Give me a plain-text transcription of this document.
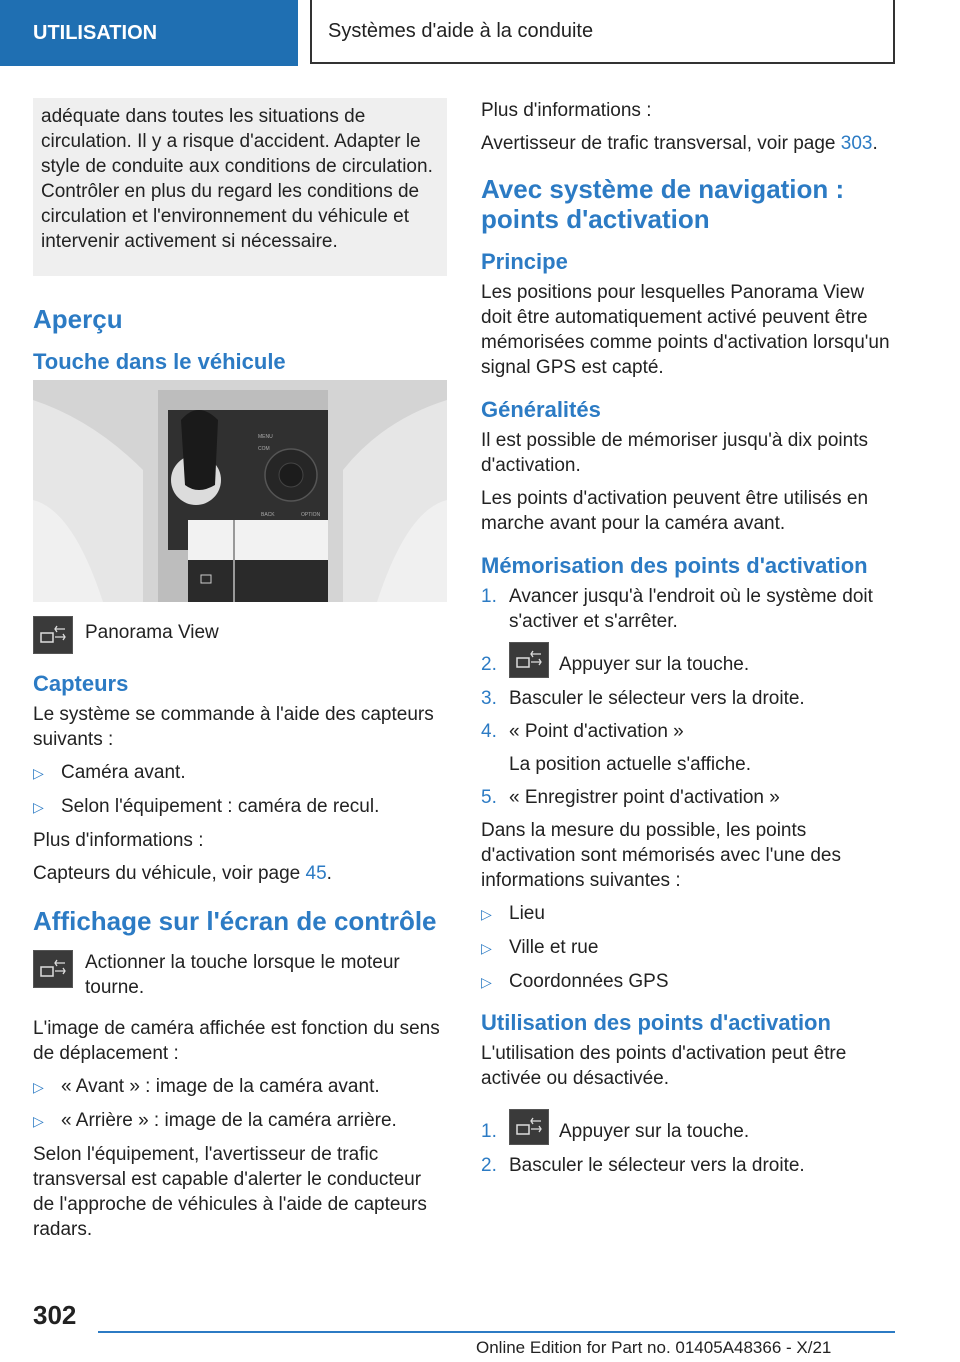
UTILISATION	Systèmes d'aide à la conduite
adéquate dans toutes les situations de circulation. Il y a risque d'accident. Adapter le style de conduite aux conditions de circulation. Contrôler en plus du regard les conditions de circulation et l'environnement du véhicule et intervenir activement si nécessaire.
Aperçu
Touche dans le véhicule
MENU
COM
BACK	OPTION

Panorama View

Capteurs

Le système se commande à l'aide des capteurs suivants :

▷ Caméra avant.
▷ Selon l'équipement : caméra de recul.

Plus d'informations :

Capteurs du véhicule, voir page 45.

Affichage sur l'écran de contrôle

Actionner la touche lorsque le moteur tourne.

L'image de caméra affichée est fonction du sens de déplacement :

▷ « Avant » : image de la caméra avant.
▷ « Arrière » : image de la caméra arrière.

Selon l'équipement, l'avertisseur de trafic transversal est capable d'alerter le conducteur de l'approche de véhicules à l'aide de capteurs radars.

Plus d'informations :

Avertisseur de trafic transversal, voir page 303.

Avec système de navigation : points d'activation
Principe

Les positions pour lesquelles Panorama View doit être automatiquement activé peuvent être mémorisées comme points d'activation lorsqu'un signal GPS est capté.

Généralités

Il est possible de mémoriser jusqu'à dix points d'activation.

Les points d'activation peuvent être utilisés en marche avant pour la caméra avant.

Mémorisation des points d'activation
1. Avancer jusqu'à l'endroit où le système doit s'activer et s'arrêter.
2.	Appuyer sur la touche.
3. Basculer le sélecteur vers la droite.
4. « Point d'activation »
La position actuelle s'affiche.
5. « Enregistrer point d'activation »

Dans la mesure du possible, les points d'activation sont mémorisés avec l'une des informations suivantes :

▷ Lieu
▷ Ville et rue
▷ Coordonnées GPS
Utilisation des points d'activation

L'utilisation des points d'activation peut être activée ou désactivée.

1.	Appuyer sur la touche.
2. Basculer le sélecteur vers la droite.
302
Online Edition for Part no. 01405A48366 - X/21
